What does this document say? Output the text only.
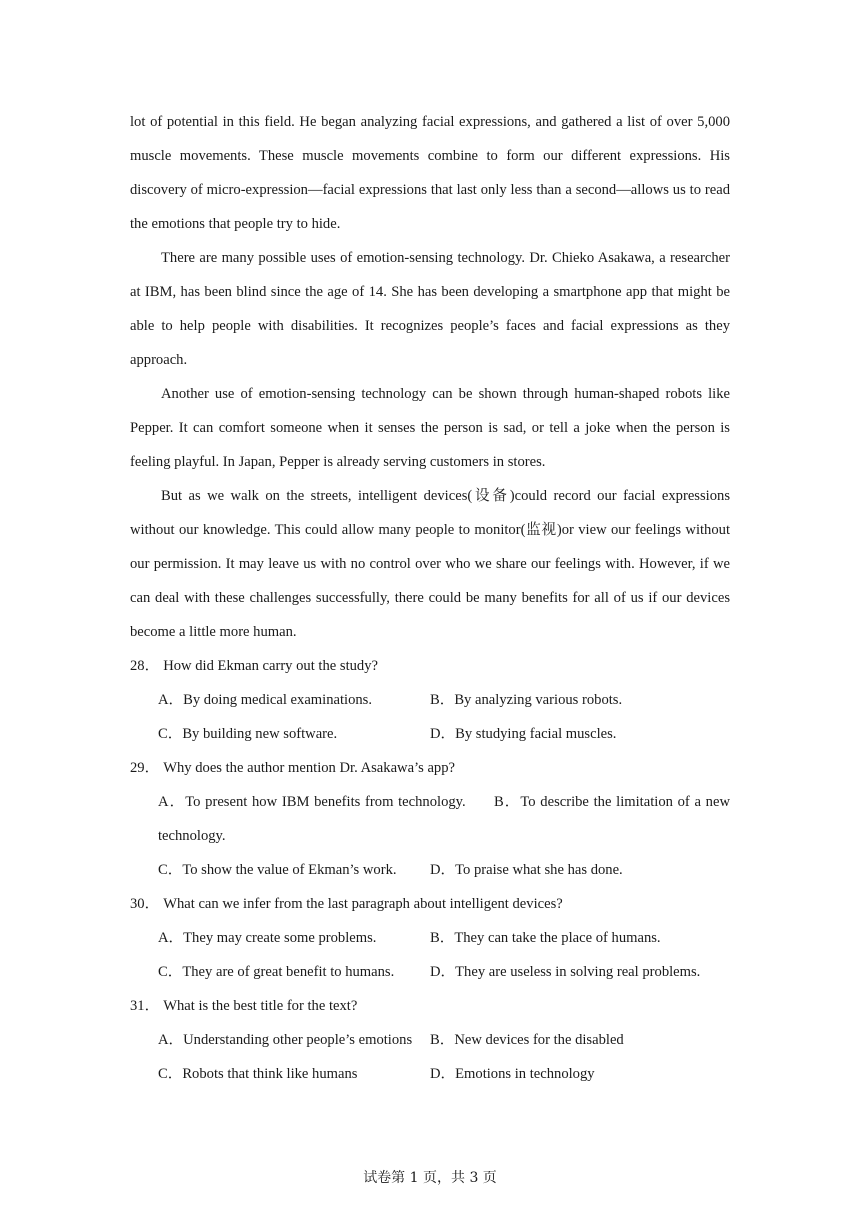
lot of potential in this field. He began analyzing facial expressions, and gathered a list of over 5,000 muscle movements. These muscle movements combine to form our different expressions. His discovery of micro-expression—facial expressions that last only less than a second—allows us to read the emotions that people try to hide.

There are many possible uses of emotion-sensing technology. Dr. Chieko Asakawa, a researcher at IBM, has been blind since the age of 14. She has been developing a smartphone app that might be able to help people with disabilities. It recognizes people’s faces and facial expressions as they approach.

Another use of emotion-sensing technology can be shown through human-shaped robots like Pepper. It can comfort someone when it senses the person is sad, or tell a joke when the person is feeling playful. In Japan, Pepper is already serving customers in stores.

But as we walk on the streets, intelligent devices(设备)could record our facial expressions without our knowledge. This could allow many people to monitor(监视)or view our feelings without our permission. It may leave us with no control over who we share our feelings with. However, if we can deal with these challenges successfully, there could be many benefits for all of us if our devices become a little more human.

28． How did Ekman carry out the study?

A．By doing medical examinations.	B．By analyzing various robots.
C．By building new software.	D．By studying facial muscles.

29． Why does the author mention Dr. Asakawa’s app?

A．To present how IBM benefits from technology. B．To describe the limitation of a new technology.
C．To show the value of Ekman’s work.	D．To praise what she has done.

30． What can we infer from the last paragraph about intelligent devices?

A．They may create some problems.	B．They can take the place of humans.
C．They are of great benefit to humans.	D．They are useless in solving real problems.

31． What is the best title for the text?

A．Understanding other people’s emotions	B．New devices for the disabled
C．Robots that think like humans	D．Emotions in technology
试卷第 1 页，共 3 页
